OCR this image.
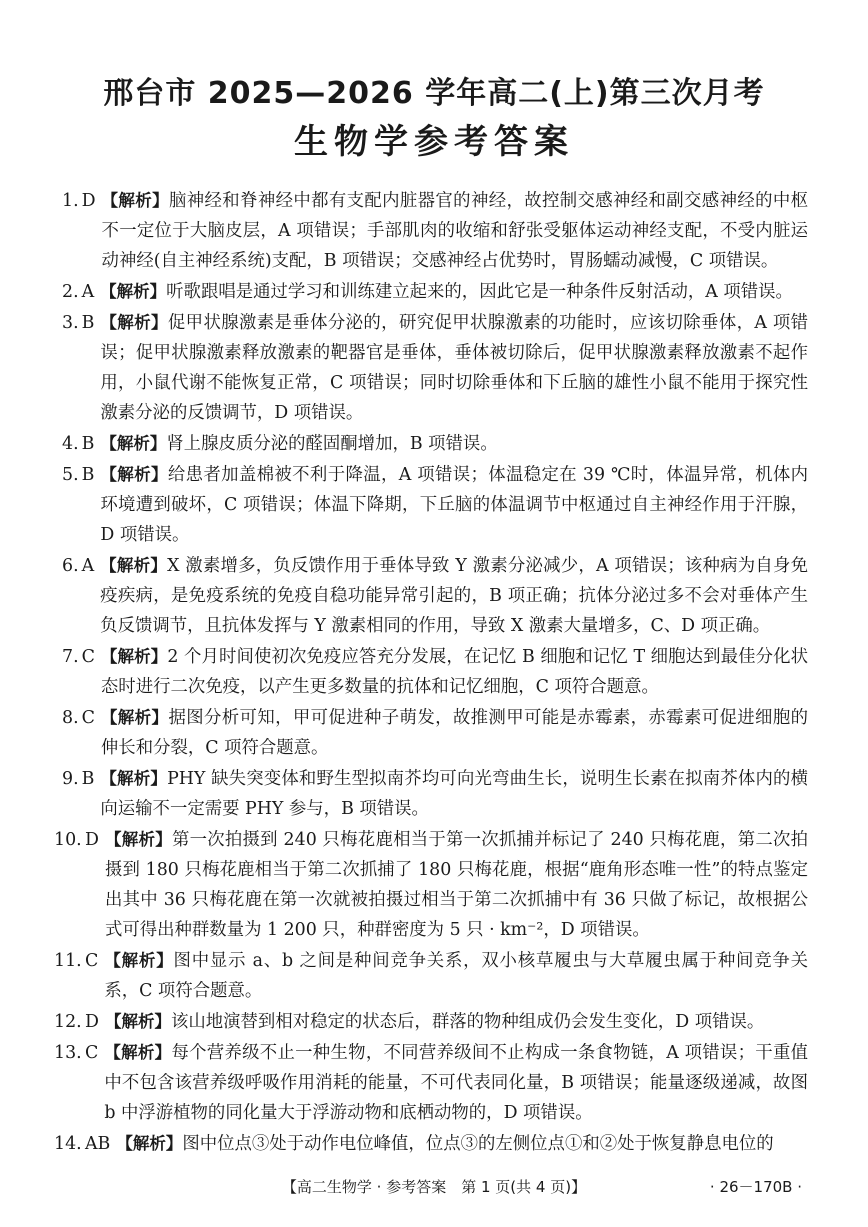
邢台市 2025—2026 学年高二(上)第三次月考
生物学参考答案
1. D 【解析】脑神经和脊神经中都有支配内脏器官的神经，故控制交感神经和副交感神经的中枢不一定位于大脑皮层，A 项错误；手部肌肉的收缩和舒张受躯体运动神经支配，不受内脏运动神经(自主神经系统)支配，B 项错误；交感神经占优势时，胃肠蠕动减慢，C 项错误。
2. A 【解析】听歌跟唱是通过学习和训练建立起来的，因此它是一种条件反射活动，A 项错误。
3. B 【解析】促甲状腺激素是垂体分泌的，研究促甲状腺激素的功能时，应该切除垂体，A 项错误；促甲状腺激素释放激素的靶器官是垂体，垂体被切除后，促甲状腺激素释放激素不起作用，小鼠代谢不能恢复正常，C 项错误；同时切除垂体和下丘脑的雄性小鼠不能用于探究性激素分泌的反馈调节，D 项错误。
4. B 【解析】肾上腺皮质分泌的醛固酮增加，B 项错误。
5. B 【解析】给患者加盖棉被不利于降温，A 项错误；体温稳定在 39 ℃时，体温异常，机体内环境遭到破坏，C 项错误；体温下降期，下丘脑的体温调节中枢通过自主神经作用于汗腺，D 项错误。
6. A 【解析】X 激素增多，负反馈作用于垂体导致 Y 激素分泌减少，A 项错误；该种病为自身免疫疾病，是免疫系统的免疫自稳功能异常引起的，B 项正确；抗体分泌过多不会对垂体产生负反馈调节，且抗体发挥与 Y 激素相同的作用，导致 X 激素大量增多，C、D 项正确。
7. C 【解析】2 个月时间使初次免疫应答充分发展，在记忆 B 细胞和记忆 T 细胞达到最佳分化状态时进行二次免疫，以产生更多数量的抗体和记忆细胞，C 项符合题意。
8. C 【解析】据图分析可知，甲可促进种子萌发，故推测甲可能是赤霉素，赤霉素可促进细胞的伸长和分裂，C 项符合题意。
9. B 【解析】PHY 缺失突变体和野生型拟南芥均可向光弯曲生长，说明生长素在拟南芥体内的横向运输不一定需要 PHY 参与，B 项错误。
10. D 【解析】第一次拍摄到 240 只梅花鹿相当于第一次抓捕并标记了 240 只梅花鹿，第二次拍摄到 180 只梅花鹿相当于第二次抓捕了 180 只梅花鹿，根据“鹿角形态唯一性”的特点鉴定出其中 36 只梅花鹿在第一次就被拍摄过相当于第二次抓捕中有 36 只做了标记，故根据公式可得出种群数量为 1 200 只，种群密度为 5 只 · km⁻²，D 项错误。
11. C 【解析】图中显示 a、b 之间是种间竞争关系，双小核草履虫与大草履虫属于种间竞争关系，C 项符合题意。
12. D 【解析】该山地演替到相对稳定的状态后，群落的物种组成仍会发生变化，D 项错误。
13. C 【解析】每个营养级不止一种生物，不同营养级间不止构成一条食物链，A 项错误；干重值中不包含该营养级呼吸作用消耗的能量，不可代表同化量，B 项错误；能量逐级递减，故图 b 中浮游植物的同化量大于浮游动物和底栖动物的，D 项错误。
14. AB 【解析】图中位点③处于动作电位峰值，位点③的左侧位点①和②处于恢复静息电位的
【高二生物学 · 参考答案　第 1 页(共 4 页)】	· 26－170B ·
